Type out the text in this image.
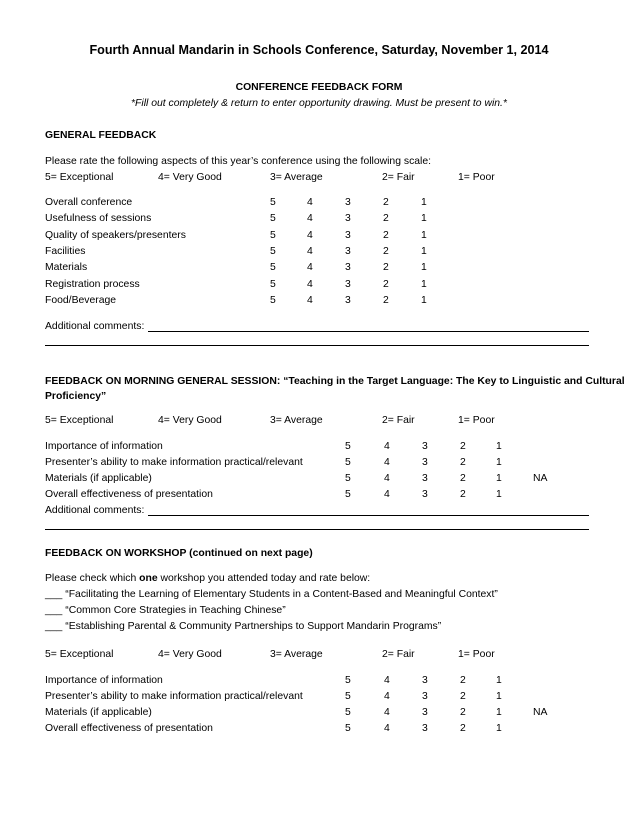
Fourth Annual Mandarin in Schools Conference, Saturday, November 1, 2014
CONFERENCE FEEDBACK FORM
*Fill out completely & return to enter opportunity drawing. Must be present to win.*
GENERAL FEEDBACK
Please rate the following aspects of this year’s conference using the following scale:
5= Exceptional	4= Very Good	3= Average	2= Fair	1= Poor
Overall conference	5	4	3	2	1
Usefulness of sessions	5	4	3	2	1
Quality of speakers/presenters	5	4	3	2	1
Facilities	5	4	3	2	1
Materials	5	4	3	2	1
Registration process	5	4	3	2	1
Food/Beverage	5	4	3	2	1
Additional comments:
FEEDBACK ON MORNING GENERAL SESSION: “Teaching in the Target Language: The Key to Linguistic and Cultural
Proficiency”
5= Exceptional	4= Very Good	3= Average	2= Fair	1= Poor
Importance of information	5	4	3	2	1
Presenter’s ability to make information practical/relevant	5	4	3	2	1
Materials (if applicable)	5	4	3	2	1	NA
Overall effectiveness of presentation	5	4	3	2	1
Additional comments:
FEEDBACK ON WORKSHOP (continued on next page)
Please check which one workshop you attended today and rate below:
___ “Facilitating the Learning of Elementary Students in a Content-Based and Meaningful Context”
___ “Common Core Strategies in Teaching Chinese”
___ “Establishing Parental & Community Partnerships to Support Mandarin Programs”
5= Exceptional	4= Very Good	3= Average	2= Fair	1= Poor
Importance of information	5	4	3	2	1
Presenter’s ability to make information practical/relevant	5	4	3	2	1
Materials (if applicable)	5	4	3	2	1	NA
Overall effectiveness of presentation	5	4	3	2	1
